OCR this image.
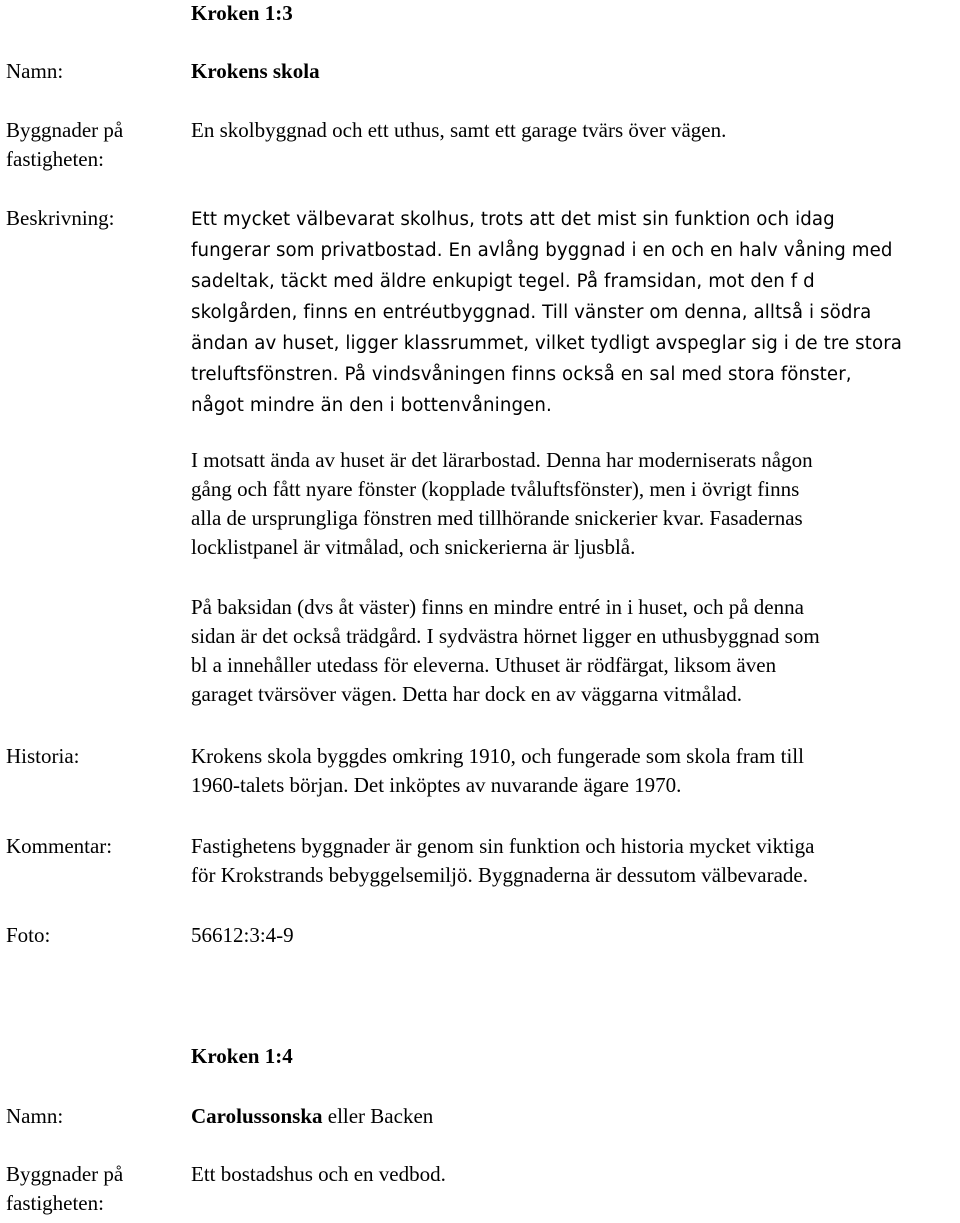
Kroken 1:3
Namn:	Krokens skola
Byggnader på
fastigheten:
En skolbyggnad och ett uthus, samt ett garage tvärs över vägen.
Beskrivning:	Ett mycket välbevarat skolhus, trots att det mist sin funktion och idag
fungerar som privatbostad. En avlång byggnad i en och en halv våning med
sadeltak, täckt med äldre enkupigt tegel. På framsidan, mot den f d
skolgården, finns en entréutbyggnad. Till vänster om denna, alltså i södra
ändan av huset, ligger klassrummet, vilket tydligt avspeglar sig i de tre stora
treluftsfönstren. På vindsvåningen finns också en sal med stora fönster,
något mindre än den i bottenvåningen.
I motsatt ända av huset är det lärarbostad. Denna har moderniserats någon
gång och fått nyare fönster (kopplade tvåluftsfönster), men i övrigt finns
alla de ursprungliga fönstren med tillhörande snickerier kvar. Fasadernas
locklistpanel är vitmålad, och snickerierna är ljusblå.
På baksidan (dvs åt väster) finns en mindre entré in i huset, och på denna
sidan är det också trädgård. I sydvästra hörnet ligger en uthusbyggnad som
bl a innehåller utedass för eleverna. Uthuset är rödfärgat, liksom även
garaget tvärsöver vägen. Detta har dock en av väggarna vitmålad.
Historia:	Krokens skola byggdes omkring 1910, och fungerade som skola fram till
1960-talets början. Det inköptes av nuvarande ägare 1970.
Kommentar:	Fastighetens byggnader är genom sin funktion och historia mycket viktiga
för Krokstrands bebyggelsemiljö. Byggnaderna är dessutom välbevarade.
Foto:	56612:3:4-9
Kroken 1:4
Namn:	Carolussonska eller Backen
Byggnader på
fastigheten:
Ett bostadshus och en vedbod.
